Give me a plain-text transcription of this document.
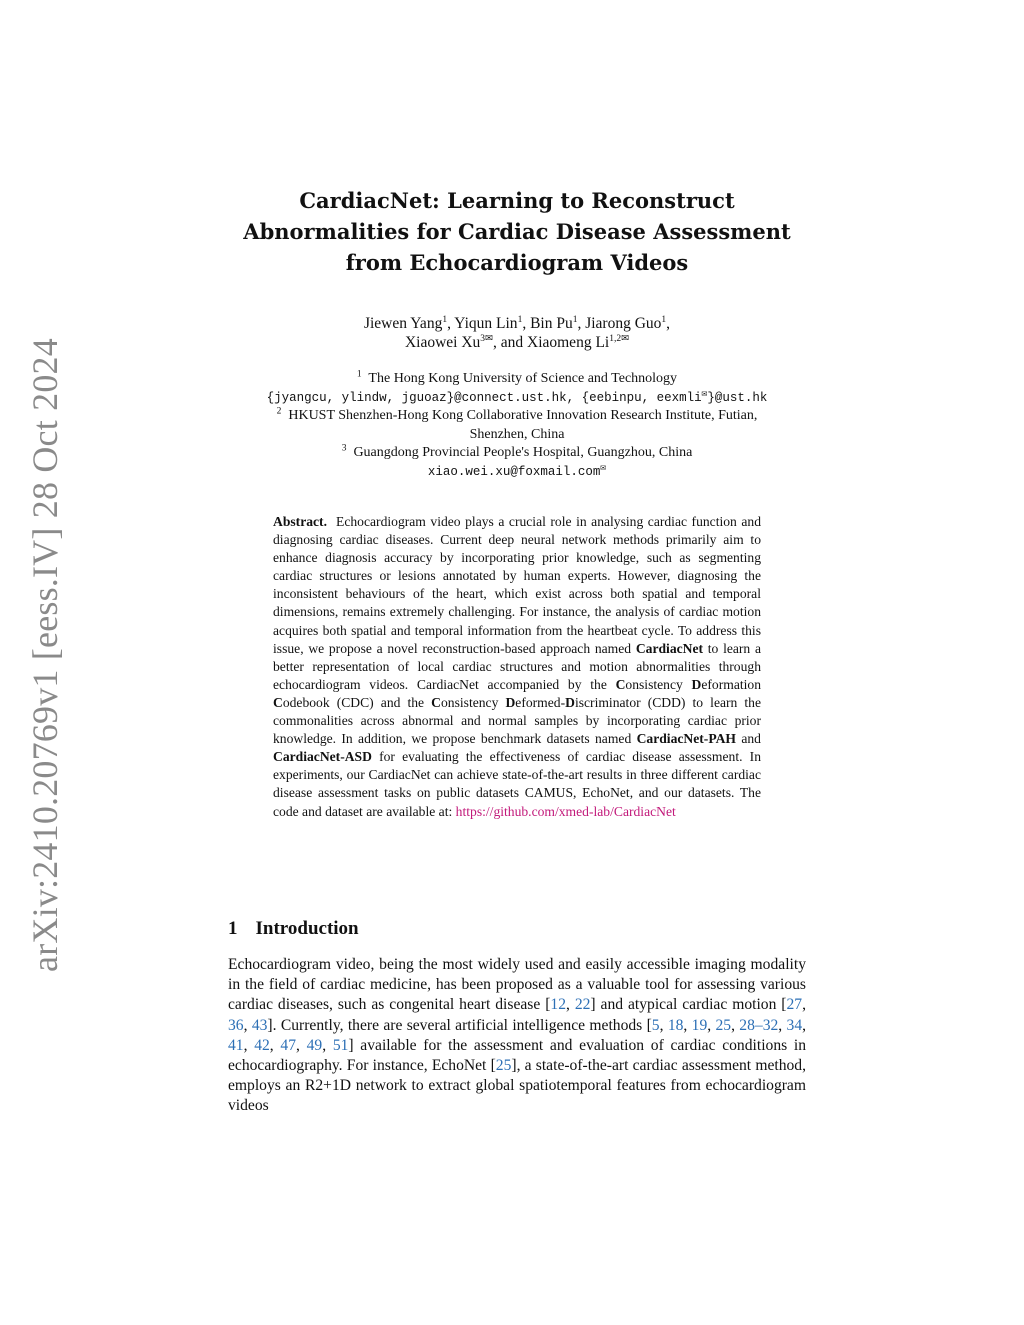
arXiv:2410.20769v1 [eess.IV] 28 Oct 2024
CardiacNet: Learning to Reconstruct
Abnormalities for Cardiac Disease Assessment
from Echocardiogram Videos
Jiewen Yang$^1$, Yiqun Lin$^1$, Bin Pu$^1$, Jiarong Guo$^1$,
Xiaowei $Xu^{3✉}$, and Xiaomeng $Li^{1,2✉}$
$^1$ The Hong Kong University of Science and Technology
{jyangcu, ylindw, jguoaz}@connect.ust.hk, {eebinpu, eexmli✉}@ust.hk
$^2$ HKUST Shenzhen-Hong Kong Collaborative Innovation Research Institute, Futian,
Shenzhen, China
$^3$ Guangdong Provincial People's Hospital, Guangzhou, China
xiao.wei.xu@foxmail.com✉
Abstract. Echocardiogram video plays a crucial role in analysing cardiac function and diagnosing cardiac diseases. Current deep neural network methods primarily aim to enhance diagnosis accuracy by incorporating prior knowledge, such as segmenting cardiac structures or lesions annotated by human experts. However, diagnosing the inconsistent behaviours of the heart, which exist across both spatial and temporal dimensions, remains extremely challenging. For instance, the analysis of cardiac motion acquires both spatial and temporal information from the heartbeat cycle. To address this issue, we propose a novel reconstruction-based approach named CardiacNet to learn a better representation of local cardiac structures and motion abnormalities through echocardiogram videos. CardiacNet accompanied by the Consistency Deformation Codebook (CDC) and the Consistency Deformed-Discriminator (CDD) to learn the commonalities across abnormal and normal samples by incorporating cardiac prior knowledge. In addition, we propose benchmark datasets named CardiacNet-PAH and CardiacNet-ASD for evaluating the effectiveness of cardiac disease assessment. In experiments, our CardiacNet can achieve state-of-the-art results in three different cardiac disease assessment tasks on public datasets CAMUS, EchoNet, and our datasets. The code and dataset are available at: https://github.com/xmed-lab/CardiacNet
1 Introduction
Echocardiogram video, being the most widely used and easily accessible imaging modality in the field of cardiac medicine, has been proposed as a valuable tool for assessing various cardiac diseases, such as congenital heart disease [12, 22] and atypical cardiac motion [27, 36, 43]. Currently, there are several artificial intelligence methods [5, 18, 19, 25, 28–32, 34, 41, 42, 47, 49, 51] available for the assessment and evaluation of cardiac conditions in echocardiography. For instance, EchoNet [25], a state-of-the-art cardiac assessment method, employs an R2+1D network to extract global spatiotemporal features from echocardiogram videos
